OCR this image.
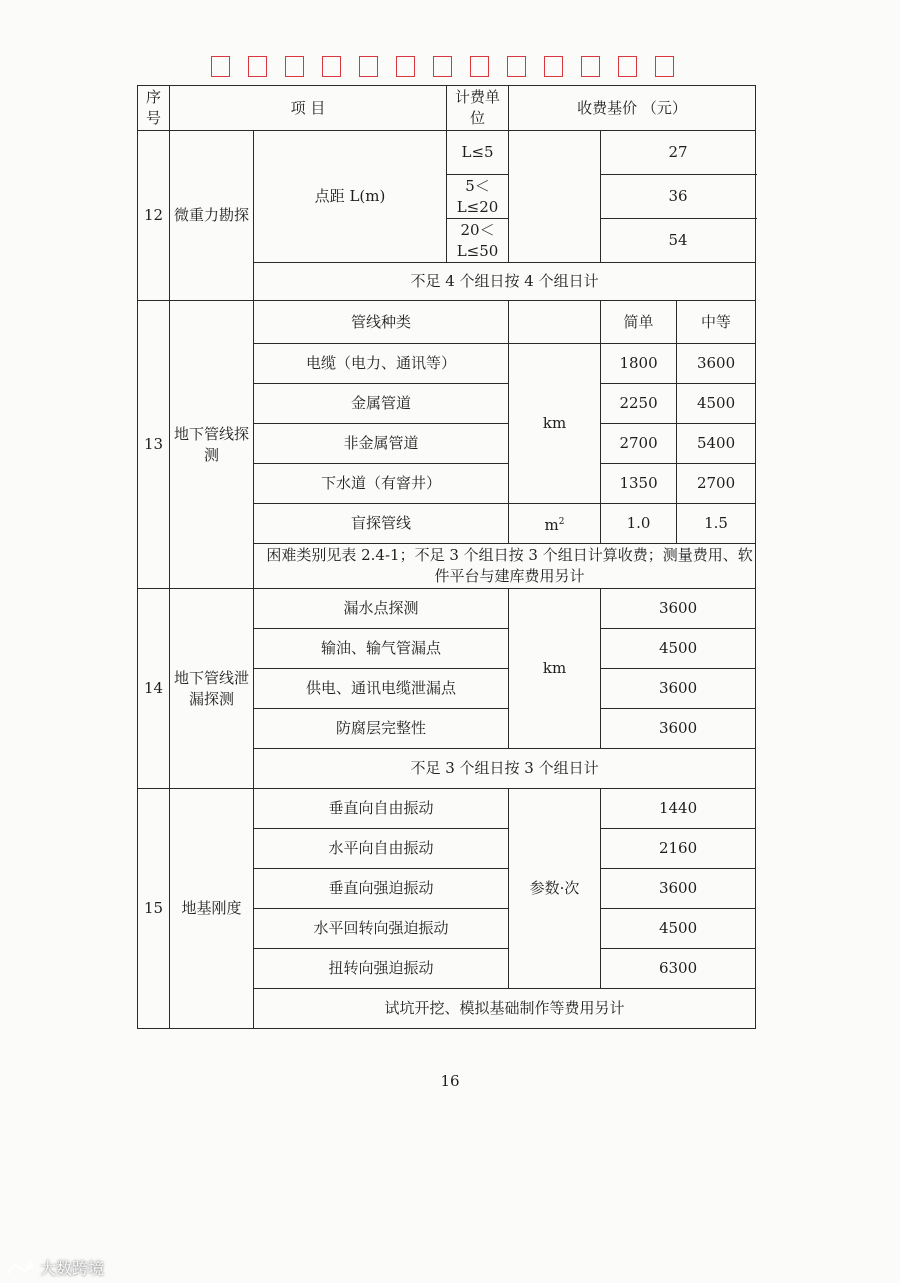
序号	项 目		计费单位	收费基价 （元）			
12	微重力勘探	点距 L(m)	L≤5		27		
			5＜ L≤20		36		
			20＜ L≤50		54		
		不足 4 个组日按 4 个组日计					
13	地下管线探测	管线种类			简单	中等	
		电缆（电力、通讯等）		km	1800	3600	
		金属管道			2250	4500	
		非金属管道			2700	5400	
		下水道（有窨井）			1350	2700	
		盲探管线		$m^2$	1.0	1.5	
		困难类别见表 2.4-1；不足 3 个组日按 3 个组日计算收费；测量费用、软件平台与建库费用另计					
14	地下管线泄漏探测	漏水点探测		km	3600		
		输油、输气管漏点			4500		
		供电、通讯电缆泄漏点			3600		
		防腐层完整性			3600		
		不足 3 个组日按 3 个组日计					
15	地基刚度	垂直向自由振动		参数·次	1440		
		水平向自由振动			2160		
		垂直向强迫振动			3600		
		水平回转向强迫振动			4500		
		扭转向强迫振动			6300		
		试坑开挖、模拟基础制作等费用另计					
16
大数跨境
